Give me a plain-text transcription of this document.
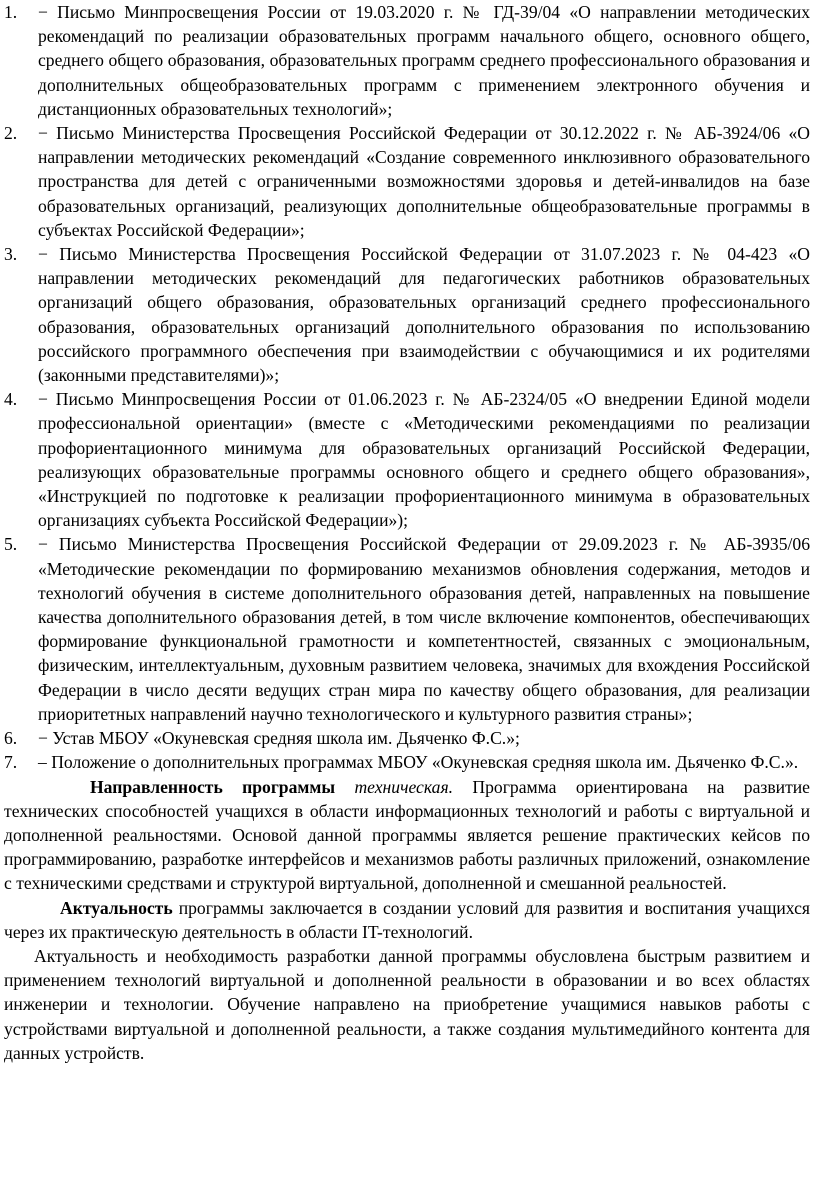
1.	− Письмо Минпросвещения России от 19.03.2020 г. № ГД-39/04 «О направлении методических рекомендаций по реализации образовательных программ начального общего, основного общего, среднего общего образования, образовательных программ среднего профессионального образования и дополнительных общеобразовательных программ с применением электронного обучения и дистанционных образовательных технологий»;
2.	− Письмо Министерства Просвещения Российской Федерации от 30.12.2022 г. № АБ-3924/06 «О направлении методических рекомендаций «Создание современного инклюзивного образовательного пространства для детей с ограниченными возможностями здоровья и детей-инвалидов на базе образовательных организаций, реализующих дополнительные общеобразовательные программы в субъектах Российской Федерации»;
3.	− Письмо Министерства Просвещения Российской Федерации от 31.07.2023 г. № 04-423 «О направлении методических рекомендаций для педагогических работников образовательных организаций общего образования, образовательных организаций среднего профессионального образования, образовательных организаций дополнительного образования по использованию российского программного обеспечения при взаимодействии с обучающимися и их родителями (законными представителями)»;
4.	− Письмо Минпросвещения России от 01.06.2023 г. № АБ-2324/05 «О внедрении Единой модели профессиональной ориентации» (вместе с «Методическими рекомендациями по реализации профориентационного минимума для образовательных организаций Российской Федерации, реализующих образовательные программы основного общего и среднего общего образования», «Инструкцией по подготовке к реализации профориентационного минимума в образовательных организациях субъекта Российской Федерации»);
5.	− Письмо Министерства Просвещения Российской Федерации от 29.09.2023 г. № АБ-3935/06 «Методические рекомендации по формированию механизмов обновления содержания, методов и технологий обучения в системе дополнительного образования детей, направленных на повышение качества дополнительного образования детей, в том числе включение компонентов, обеспечивающих формирование функциональной грамотности и компетентностей, связанных с эмоциональным, физическим, интеллектуальным, духовным развитием человека, значимых для вхождения Российской Федерации в число десяти ведущих стран мира по качеству общего образования, для реализации приоритетных направлений научно технологического и культурного развития страны»;
6.	− Устав МБОУ «Окуневская средняя школа им. Дьяченко Ф.С.»;
7.	– Положение о дополнительных программах МБОУ «Окуневская средняя школа им. Дьяченко Ф.С.».

Направленность программы техническая. Программа ориентирована на развитие технических способностей учащихся в области информационных технологий и работы с виртуальной и дополненной реальностями. Основой данной программы является решение практических кейсов по программированию, разработке интерфейсов и механизмов работы различных приложений, ознакомление с техническими средствами и структурой виртуальной, дополненной и смешанной реальностей.

Актуальность программы заключается в создании условий для развития и воспитания учащихся через их практическую деятельность в области IT-технологий.

Актуальность и необходимость разработки данной программы обусловлена быстрым развитием и применением технологий виртуальной и дополненной реальности в образовании и во всех областях инженерии и технологии. Обучение направлено на приобретение учащимися навыков работы с устройствами виртуальной и дополненной реальности, а также создания мультимедийного контента для данных устройств.
